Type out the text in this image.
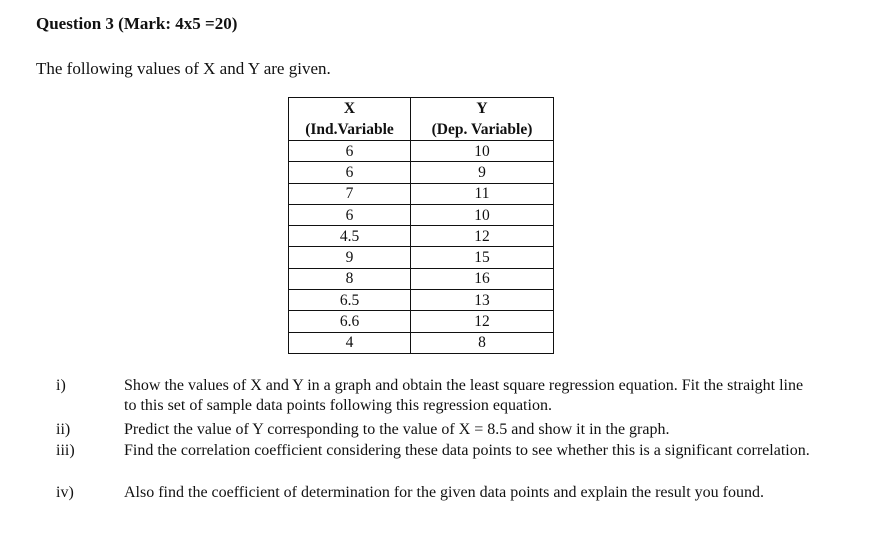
Question 3 (Mark: 4x5 =20)
The following values of X and Y are given.
X	Y
(Ind.Variable	(Dep. Variable)
6	10
6	9
7	11
6	10
4.5	12
9	15
8	16
6.5	13
6.6	12
4	8
i)	Show the values of X and Y in a graph and obtain the least square regression equation. Fit the straight line to this set of sample data points following this regression equation.
ii)	Predict the value of Y corresponding to the value of X = 8.5 and show it in the graph.
iii)	Find the correlation coefficient considering these data points to see whether this is a significant correlation.
iv)	Also find the coefficient of determination for the given data points and explain the result you found.
